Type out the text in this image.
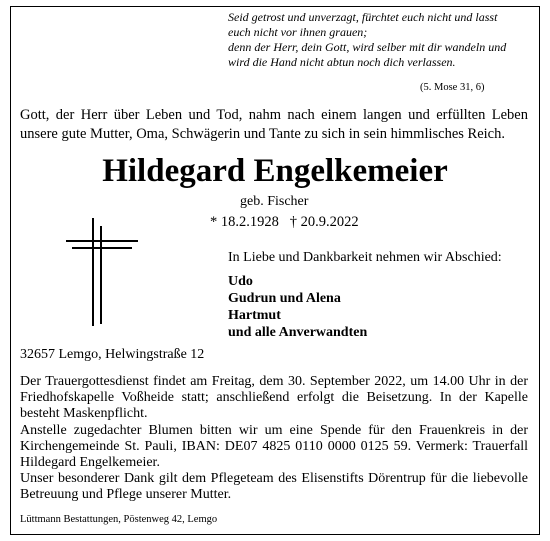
Seid getrost und unverzagt, fürchtet euch nicht und lasst
euch nicht vor ihnen grauen;
denn der Herr, dein Gott, wird selber mit dir wandeln und
wird die Hand nicht abtun noch dich verlassen.
(5. Mose 31, 6)
Gott, der Herr über Leben und Tod, nahm nach einem langen und erfüllten Leben unsere gute Mutter, Oma, Schwägerin und Tante zu sich in sein himmlisches Reich.
Hildegard Engelkemeier
geb. Fischer
* 18.2.1928   † 20.9.2022
In Liebe und Dankbarkeit nehmen wir Abschied:
Udo
Gudrun und Alena
Hartmut
und alle Anverwandten
32657 Lemgo, Helwingstraße 12
Der Trauergottesdienst findet am Freitag, dem 30. September 2022, um 14.00 Uhr in der Friedhofskapelle Voßheide statt; anschließend erfolgt die Beisetzung. In der Kapelle besteht Maskenpflicht.
Anstelle zugedachter Blumen bitten wir um eine Spende für den Frauenkreis in der Kirchengemeinde St. Pauli, IBAN: DE07 4825 0110 0000 0125 59. Vermerk: Trauerfall Hildegard Engelkemeier.
Unser besonderer Dank gilt dem Pflegeteam des Elisenstifts Dörentrup für die liebevolle Betreuung und Pflege unserer Mutter.
Lüttmann Bestattungen, Pöstenweg 42, Lemgo
